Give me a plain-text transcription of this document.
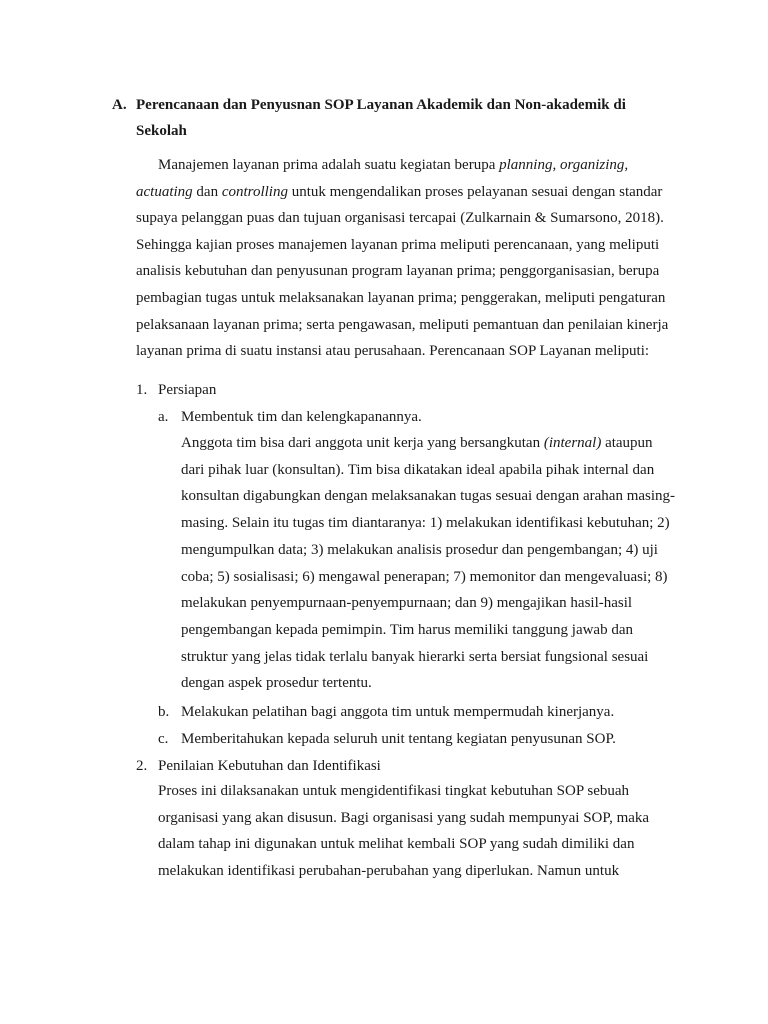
A. Perencanaan dan Penyusnan SOP Layanan Akademik dan Non-akademik di
Sekolah
Manajemen layanan prima adalah suatu kegiatan berupa planning, organizing,
actuating dan controlling untuk mengendalikan proses pelayanan sesuai dengan standar
supaya pelanggan puas dan tujuan organisasi tercapai (Zulkarnain & Sumarsono, 2018).
Sehingga kajian proses manajemen layanan prima meliputi perencanaan, yang meliputi
analisis kebutuhan dan penyusunan program layanan prima; penggorganisasian, berupa
pembagian tugas untuk melaksanakan layanan prima; penggerakan, meliputi pengaturan
pelaksanaan layanan prima; serta pengawasan, meliputi pemantuan dan penilaian kinerja
layanan prima di suatu instansi atau perusahaan. Perencanaan SOP Layanan meliputi:
1. Persiapan
a. Membentuk tim dan kelengkapanannya.
Anggota tim bisa dari anggota unit kerja yang bersangkutan (internal) ataupun
dari pihak luar (konsultan). Tim bisa dikatakan ideal apabila pihak internal dan
konsultan digabungkan dengan melaksanakan tugas sesuai dengan arahan masing-
masing. Selain itu tugas tim diantaranya: 1) melakukan identifikasi kebutuhan; 2)
mengumpulkan data; 3) melakukan analisis prosedur dan pengembangan; 4) uji
coba; 5) sosialisasi; 6) mengawal penerapan; 7) memonitor dan mengevaluasi; 8)
melakukan penyempurnaan-penyempurnaan; dan 9) mengajikan hasil-hasil
pengembangan kepada pemimpin. Tim harus memiliki tanggung jawab dan
struktur yang jelas tidak terlalu banyak hierarki serta bersiat fungsional sesuai
dengan aspek prosedur tertentu.
b. Melakukan pelatihan bagi anggota tim untuk mempermudah kinerjanya.
c. Memberitahukan kepada seluruh unit tentang kegiatan penyusunan SOP.
2. Penilaian Kebutuhan dan Identifikasi
Proses ini dilaksanakan untuk mengidentifikasi tingkat kebutuhan SOP sebuah
organisasi yang akan disusun. Bagi organisasi yang sudah mempunyai SOP, maka
dalam tahap ini digunakan untuk melihat kembali SOP yang sudah dimiliki dan
melakukan identifikasi perubahan-perubahan yang diperlukan. Namun untuk
